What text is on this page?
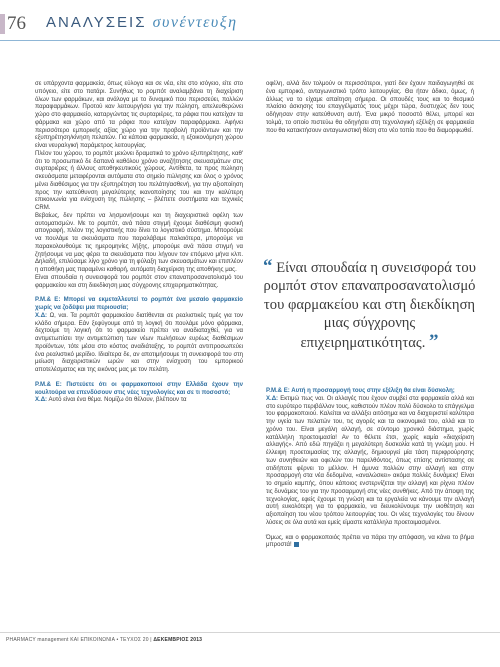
76 ΑΝΑΛΥΣΕΙΣ συνέντευξη

σε υπάρχοντα φαρμακεία, όπως εύλογα και σε νέα, είτε στο ισόγειο, είτε στο υπόγειο, είτε στο πατάρι. Συνήθως το ρομπότ αναλαμβάνει τη διαχείριση όλων των φαρμάκων, και ανάλογα με το δυναμικό που περισσεύει, πολλών παραφαρμάκων. Προτού καν λειτουργήσει για την πώληση, απελευθερώνει χώρο στο φαρμακείο, καταργώντας τις συρταριέρες, τα ράφια που κατείχαν τα φάρμακα και χώρο από τα ράφια που κατείχαν παραφάρμακα. Αφήνει περισσότερο εμπορικής αξίας χώρο για την προβολή προϊόντων και την εξυπηρέτηση/κίνηση πελατών. Για κάποια φαρμακεία, η εξοικονόμηση χώρου είναι νευραλγική παράμετρος λειτουργίας.

Πλέον του χώρου, το ρομπότ μειώνει δραματικά το χρόνο εξυπηρέτησης, καθ' ότι το προσωπικό δε δαπανά καθόλου χρόνο αναζήτησης σκευασμάτων στις συρταριέρες ή άλλους αποθηκευτικούς χώρους. Αντίθετα, τα προς πώληση σκευάσματα μεταφέρονται αυτόματα στο σημείο πώλησης και όλος ο χρόνος μένει διαθέσιμος για την εξυπηρέτηση του πελάτη/ασθενή, για την αξιοποίηση προς την κατεύθυνση μεγαλύτερης ικανοποίησης του και την καλύτερη επικοινωνία για ενίσχυση της πώλησης – βλέπετε συστήματα και τεχνικές CRM.

Βεβαίως, δεν πρέπει να λησμονήσουμε και τη διαχειριστικά οφέλη των αυτοματισμών. Με το ρομπότ, ανά πάσα στιγμή έχουμε διαθέσιμη φυσική απογραφή, πλέον της λογιστικής που δίνει το λογιστικό σύστημα. Μπορούμε να πουλάμε τα σκευάσματα που παραλάβαμε παλαιότερα, μπορούμε να παρακολουθούμε τις ημερομηνίες λήξης, μπορούμε ανά πάσα στιγμή να ζητήσουμε να μας φέρει τα σκευάσματα που λήγουν τον επόμενο μήνα κλπ. Δηλαδή, επιλύσαμε λίγο χρόνο για τη φύλαξη των σκευασμάτων και επιπλέον η αποθήκη μας παραμένει καθαρή, αυτόματη διαχείριση της αποθήκης μας.

Είναι σπουδαία η συνεισφορά του ρομπότ στον επαναπροσανατολισμό του φαρμακείου και στη διεκδίκηση μιας σύγχρονης επιχειρηματικότητας.

Ρ.Μ.& Ε: Μπορεί να εκμεταλλευτεί το ρομπότ ένα μεσαίο φαρμακείο χωρίς να ζοδέψει μια περιουσία;

Χ.Δ: Ω, ναι. Τα ρομπότ φαρμακείου διατίθενται σε ρεαλιστικές τιμές για τον κλάδο σήμερα. Εάν ξεφύγουμε από τη λογική ότι πουλάμε μόνο φάρμακα, δεχτούμε τη λογική ότι το φαρμακείο πρέπει να αναδιαταχθεί, για να αντιμετωπίσει την αντιμετώπιση των νέων πωλήσεων ευρέως διαθέσιμων προϊόντων, τότε μέσα στο κόστος αναδιάταξης, το ρομπότ αντιπροσωπεύει ένα ρεαλιστικό μερίδιο. Ιδιαίτερα δε, αν αποτιμήσουμε τη συνεισφορά του στη μείωση διαχειριστικών ωρών και στην ενίσχυση του εμπορικού αποτελέσματος και της εικόνας μας με τον πελάτη.

Ρ.Μ.& Ε: Πιστεύετε ότι οι φαρμακοποιοί στην Ελλάδα έχουν την κουλτούρα να επενδύσουν στις νέες τεχνολογίες και σε τι ποσοστό;

Χ.Δ: Αυτό είναι ένα θέμα. Νομίζω ότι θέλουν, βλέπουν τα

οφέλη, αλλά δεν τολμούν οι περισσότεροι, γιατί δεν έχουν παιδαγωγηθεί σε ένα εμπορικό, ανταγωνιστικό τρόπο λειτουργίας. Θα ήταν άδικο, όμως, ή άλλως να το είχαμε απαίτηση σήμερα. Οι σπουδές τους και το θεσμικό πλαίσιο άσκησης του επαγγέλματός τους μέχρι τώρα, δυστυχώς δεν τους οδήγησαν στην κατεύθυνση αυτή. Ένα μικρό ποσοστό θέλει, μπορεί και τολμά, το οποίο πιστεύω θα οδηγήσει στη τεχνολογική εξέλιξη σε φαρμακεία που θα κατακτήσουν ανταγωνιστική θέση στο νέο τοπίο που θα διαμορφωθεί.

“ Είναι σπουδαία η συνεισφορά του ρομπότ στον επαναπροσανατολισμό του φαρμακείου και στη διεκδίκηση μιας σύγχρονης επιχειρηματικότητας. ”

Ρ.Μ.& Ε: Αυτή η προσαρμογή τους στην εξέλιξη θα είναι δύσκολη;

Χ.Δ: Εκτιμώ πως ναι. Οι αλλαγές που έχουν συμβεί στα φαρμακεία αλλά και στο ευρύτερο περιβάλλον τους, καθιστούν πλέον πολύ δύσκολο το επάγγελμα του φαρμακοποιού. Καλείται να αλλάξει αιτόσημα και να διαχειριστεί καλύτερα την υγεία των πελατών του, τις αγορές και τα οικονομικά του, αλλά και το χρόνο του. Είναι μεγάλη αλλαγή, σε σύντομο χρονικό διάστημα, χωρίς κατάλληλη προετοιμασία! Αν το θέλετε έτσι, χωρίς καμία «διαχείριση αλλαγής». Από εδώ πηγάζει η μεγαλύτερη δυσκολία κατά τη γνώμη μου. Η έλλειψη προετοιμασίας της αλλαγής, δημιουργεί μία τάση περιφρούρησης των συνηθειών και οφελών του παρελθόντος, όπως επίσης αντίστασης σε οτιδήποτε φέρνει το μέλλον. Η άμυνα πολλών στην αλλαγή και στην προσαρμογή στα νέα δεδομένα, «αναλώσκει» ακόμα πολλές δυνάμεις! Είναι το σημείο καμπής, όπου κάποιος ενστερνίζεται την αλλαγή και ρίχνει πλέον τις δυνάμεις του για την προσαρμογή στις νέες συνθήκες. Από την άποψη της τεχνολογίας, εφείς έχουμε τη γνώση και τα εργαλεία να κάνουμε την αλλαγή αυτή ευκολότερη για το φαρμακείο, να διευκολύνουμε την υιοθέτηση και αξιοποίηση του νέου τρόπου λειτουργίας του. Οι νέες τεχνολογίες του δίνουν λύσεις σε όλα αυτά και εμείς είμαστε κατάλληλα προετοιμασμένοι.

Όμως, και ο φαρμακοποιός πρέπει να πάρει την απόφαση, να κάνει το βήμα μπροστά!

PHARMACY management KAI EΠΙΚΟΙΝΩΝΙΑ • ΤΕΥΧΟΣ 20 | ΔΕΚΕΜΒΡΙΟΣ 2013
